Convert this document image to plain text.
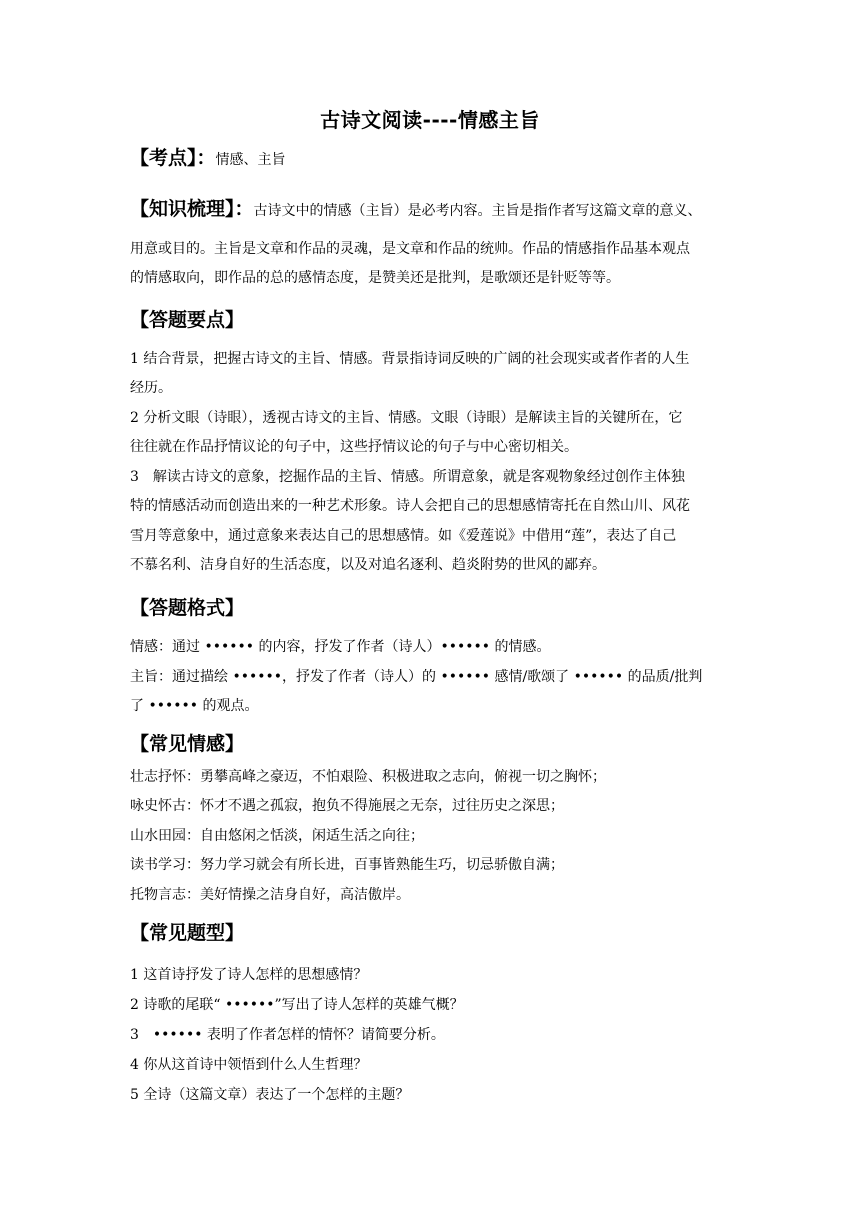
古诗文阅读----情感主旨
【考点】：情感、主旨
【知识梳理】：古诗文中的情感（主旨）是必考内容。主旨是指作者写这篇文章的意义、
用意或目的。主旨是文章和作品的灵魂，是文章和作品的统帅。作品的情感指作品基本观点
的情感取向，即作品的总的感情态度，是赞美还是批判，是歌颂还是针贬等等。
【答题要点】
1 结合背景，把握古诗文的主旨、情感。背景指诗词反映的广阔的社会现实或者作者的人生
经历。
2 分析文眼（诗眼），透视古诗文的主旨、情感。文眼（诗眼）是解读主旨的关键所在，它
往往就在作品抒情议论的句子中，这些抒情议论的句子与中心密切相关。
3　解读古诗文的意象，挖掘作品的主旨、情感。所谓意象，就是客观物象经过创作主体独
特的情感活动而创造出来的一种艺术形象。诗人会把自己的思想感情寄托在自然山川、风花
雪月等意象中，通过意象来表达自己的思想感情。如《爱莲说》中借用“莲”，表达了自己
不慕名利、洁身自好的生活态度，以及对追名逐利、趋炎附势的世风的鄙弃。
【答题格式】
情感：通过 •••••• 的内容，抒发了作者（诗人）•••••• 的情感。
主旨：通过描绘 ••••••，抒发了作者（诗人）的 •••••• 感情/歌颂了 •••••• 的品质/批判
了 •••••• 的观点。
【常见情感】
壮志抒怀：勇攀高峰之豪迈，不怕艰险、积极进取之志向，俯视一切之胸怀；
咏史怀古：怀才不遇之孤寂，抱负不得施展之无奈，过往历史之深思；
山水田园：自由悠闲之恬淡，闲适生活之向往；
读书学习：努力学习就会有所长进，百事皆熟能生巧，切忌骄傲自满；
托物言志：美好情操之洁身自好，高洁傲岸。
【常见题型】
1 这首诗抒发了诗人怎样的思想感情？
2 诗歌的尾联“ ••••••”写出了诗人怎样的英雄气概？
3　•••••• 表明了作者怎样的情怀？请简要分析。
4 你从这首诗中领悟到什么人生哲理？
5 全诗（这篇文章）表达了一个怎样的主题？
